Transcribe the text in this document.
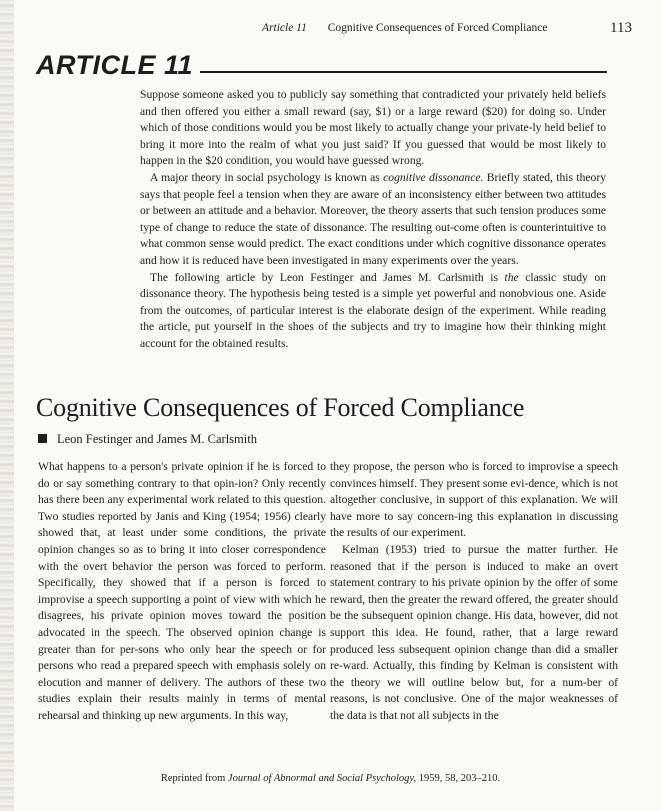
Article 11 Cognitive Consequences of Forced Compliance	113
ARTICLE 11

Suppose someone asked you to publicly say something that contradicted your privately held beliefs and then offered you either a small reward (say, $1) or a large reward ($20) for doing so. Under which of those conditions would you be most likely to actually change your private-ly held belief to bring it more into the realm of what you just said? If you guessed that would be most likely to happen in the $20 condition, you would have guessed wrong.

A major theory in social psychology is known as cognitive dissonance. Briefly stated, this theory says that people feel a tension when they are aware of an inconsistency either between two attitudes or between an attitude and a behavior. Moreover, the theory asserts that such tension produces some type of change to reduce the state of dissonance. The resulting out-come often is counterintuitive to what common sense would predict. The exact conditions under which cognitive dissonance operates and how it is reduced have been investigated in many experiments over the years.

The following article by Leon Festinger and James M. Carlsmith is the classic study on dissonance theory. The hypothesis being tested is a simple yet powerful and nonobvious one. Aside from the outcomes, of particular interest is the elaborate design of the experiment. While reading the article, put yourself in the shoes of the subjects and try to imagine how their thinking might account for the obtained results.

Cognitive Consequences of Forced Compliance
Leon Festinger and James M. Carlsmith

What happens to a person's private opinion if he is forced to do or say something contrary to that opin-ion? Only recently has there been any experimental work related to this question. Two studies reported by Janis and King (1954; 1956) clearly showed that, at least under some conditions, the private opinion changes so as to bring it into closer correspondence with the overt behavior the person was forced to perform. Specifically, they showed that if a person is forced to improvise a speech supporting a point of view with which he disagrees, his private opinion moves toward the position advocated in the speech. The observed opinion change is greater than for per-sons who only hear the speech or for persons who read a prepared speech with emphasis solely on elocution and manner of delivery. The authors of these two studies explain their results mainly in terms of mental rehearsal and thinking up new arguments. In this way,

they propose, the person who is forced to improvise a speech convinces himself. They present some evi-dence, which is not altogether conclusive, in support of this explanation. We will have more to say concern-ing this explanation in discussing the results of our experiment.

Kelman (1953) tried to pursue the matter further. He reasoned that if the person is induced to make an overt statement contrary to his private opinion by the offer of some reward, then the greater the reward offered, the greater should be the subsequent opinion change. His data, however, did not support this idea. He found, rather, that a large reward produced less subsequent opinion change than did a smaller re-ward. Actually, this finding by Kelman is consistent with the theory we will outline below but, for a num-ber of reasons, is not conclusive. One of the major weaknesses of the data is that not all subjects in the

Reprinted from Journal of Abnormal and Social Psychology, 1959, 58, 203–210.
